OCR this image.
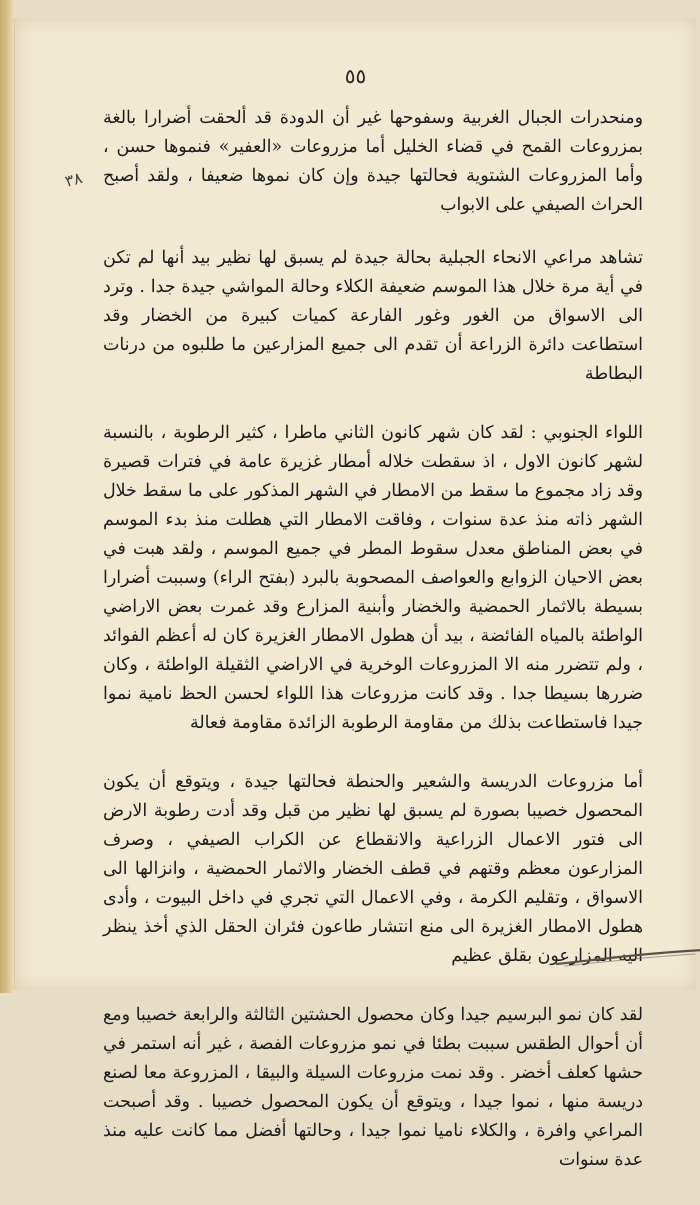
٥٥
٣٨

ومنحدرات الجبال الغربية وسفوحها غير أن الدودة قد ألحقت أضرارا بالغة بمزروعات القمح في قضاء الخليل أما مزروعات «العفير» فنموها حسن ، وأما المزروعات الشتوية فحالتها جيدة وإن كان نموها ضعيفا ، ولقد أصبح الحراث الصيفي على الابواب

تشاهد مراعي الانحاء الجبلية بحالة جيدة لم يسبق لها نظير بيد أنها لم تكن في أية مرة خلال هذا الموسم ضعيفة الكلاء وحالة المواشي جيدة جدا . وترد الى الاسواق من الغور وغور الفارعة كميات كبيرة من الخضار وقد استطاعت دائرة الزراعة أن تقدم الى جميع المزارعين ما طلبوه من درنات البطاطة

اللواء الجنوبي : لقد كان شهر كانون الثاني ماطرا ، كثير الرطوبة ، بالنسبة لشهر كانون الاول ، اذ سقطت خلاله أمطار غزيرة عامة في فترات قصيرة وقد زاد مجموع ما سقط من الامطار في الشهر المذكور على ما سقط خلال الشهر ذاته منذ عدة سنوات ، وفاقت الامطار التي هطلت منذ بدء الموسم في بعض المناطق معدل سقوط المطر في جميع الموسم ، ولقد هبت في بعض الاحيان الزوابع والعواصف المصحوبة بالبرد (بفتح الراء) وسببت أضرارا بسيطة بالاثمار الحمضية والخضار وأبنية المزارع وقد غمرت بعض الاراضي الواطئة بالمياه الفائضة ، بيد أن هطول الامطار الغزيرة كان له أعظم الفوائد ، ولم تتضرر منه الا المزروعات الوخرية في الاراضي الثقيلة الواطئة ، وكان ضررها بسيطا جدا . وقد كانت مزروعات هذا اللواء لحسن الحظ نامية نموا جيدا فاستطاعت بذلك من مقاومة الرطوبة الزائدة مقاومة فعالة

أما مزروعات الدريسة والشعير والحنطة فحالتها جيدة ، ويتوقع أن يكون المحصول خصيبا بصورة لم يسبق لها نظير من قبل وقد أدت رطوبة الارض الى فتور الاعمال الزراعية والانقطاع عن الكراب الصيفي ، وصرف المزارعون معظم وقتهم في قطف الخضار والاثمار الحمضية ، وانزالها الى الاسواق ، وتقليم الكرمة ، وفي الاعمال التي تجري في داخل البيوت ، وأدى هطول الامطار الغزيرة الى منع انتشار طاعون فئران الحقل الذي أخذ ينظر اليه المزارعون بقلق عظيم

لقد كان نمو البرسيم جيدا وكان محصول الحشتين الثالثة والرابعة خصيبا ومع أن أحوال الطقس سببت بطئا في نمو مزروعات الفصة ، غير أنه استمر في حشها كعلف أخضر . وقد نمت مزروعات السيلة والبيقا ، المزروعة معا لصنع دريسة منها ، نموا جيدا ، ويتوقع أن يكون المحصول خصيبا . وقد أصبحت المراعي وافرة ، والكلاء ناميا نموا جيدا ، وحالتها أفضل مما كانت عليه منذ عدة سنوات
